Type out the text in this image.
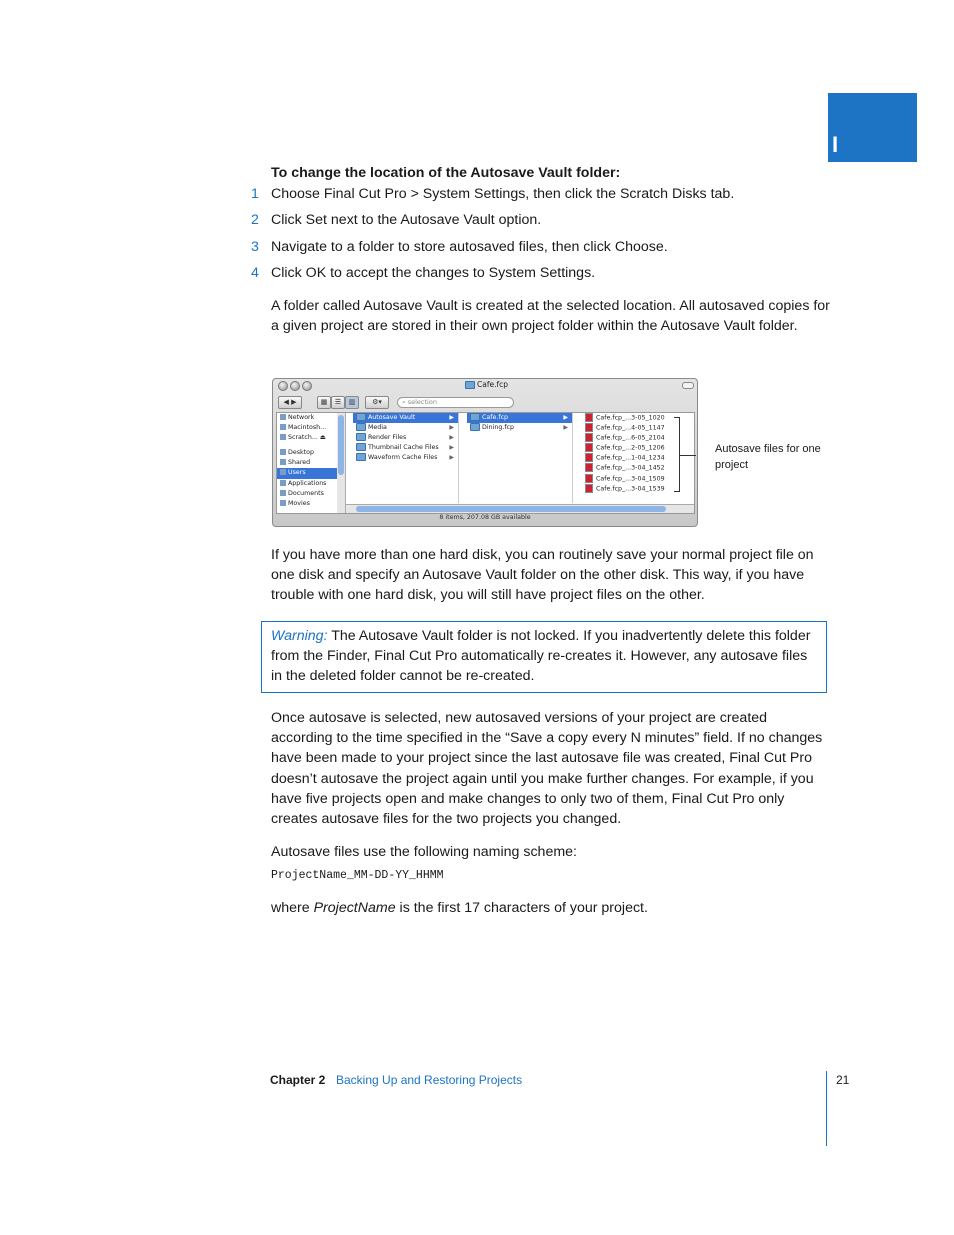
I
To change the location of the Autosave Vault folder:
1 Choose Final Cut Pro > System Settings, then click the Scratch Disks tab.
2 Click Set next to the Autosave Vault option.
3 Navigate to a folder to store autosaved files, then click Choose.
4 Click OK to accept the changes to System Settings.
A folder called Autosave Vault is created at the selected location. All autosaved copies for a given project are stored in their own project folder within the Autosave Vault folder.
Cafe.fcp
◀ ▶	▦	☰	▥	⚙▾	⌕ selection
Network
Macintosh...
Scratch... ⏏
Desktop
Shared
Users
Applications
Documents
Movies
Autosave Vault	▶
Media	▶
Render Files	▶
Thumbnail Cache Files ▶
Waveform Cache Files ▶
Cafe.fcp	▶
Dining.fcp	▶
Cafe.fcp_...3-05_1020
Cafe.fcp_...4-05_1147
Cafe.fcp_...6-05_2104
Cafe.fcp_...2-05_1206
Cafe.fcp_...1-04_1234
Cafe.fcp_...3-04_1452
Cafe.fcp_...3-04_1509
Cafe.fcp_...3-04_1539
8 items, 207.08 GB available
Autosave files for one project
If you have more than one hard disk, you can routinely save your normal project file on one disk and specify an Autosave Vault folder on the other disk. This way, if you have trouble with one hard disk, you will still have project files on the other.
Warning: The Autosave Vault folder is not locked. If you inadvertently delete this folder from the Finder, Final Cut Pro automatically re-creates it. However, any autosave files in the deleted folder cannot be re-created.
Once autosave is selected, new autosaved versions of your project are created according to the time specified in the “Save a copy every N minutes” field. If no changes have been made to your project since the last autosave file was created, Final Cut Pro doesn’t autosave the project again until you make further changes. For example, if you have five projects open and make changes to only two of them, Final Cut Pro only creates autosave files for the two projects you changed.
Autosave files use the following naming scheme:
ProjectName_MM-DD-YY_HHMM
where ProjectName is the first 17 characters of your project.
Chapter 2 Backing Up and Restoring Projects	21
